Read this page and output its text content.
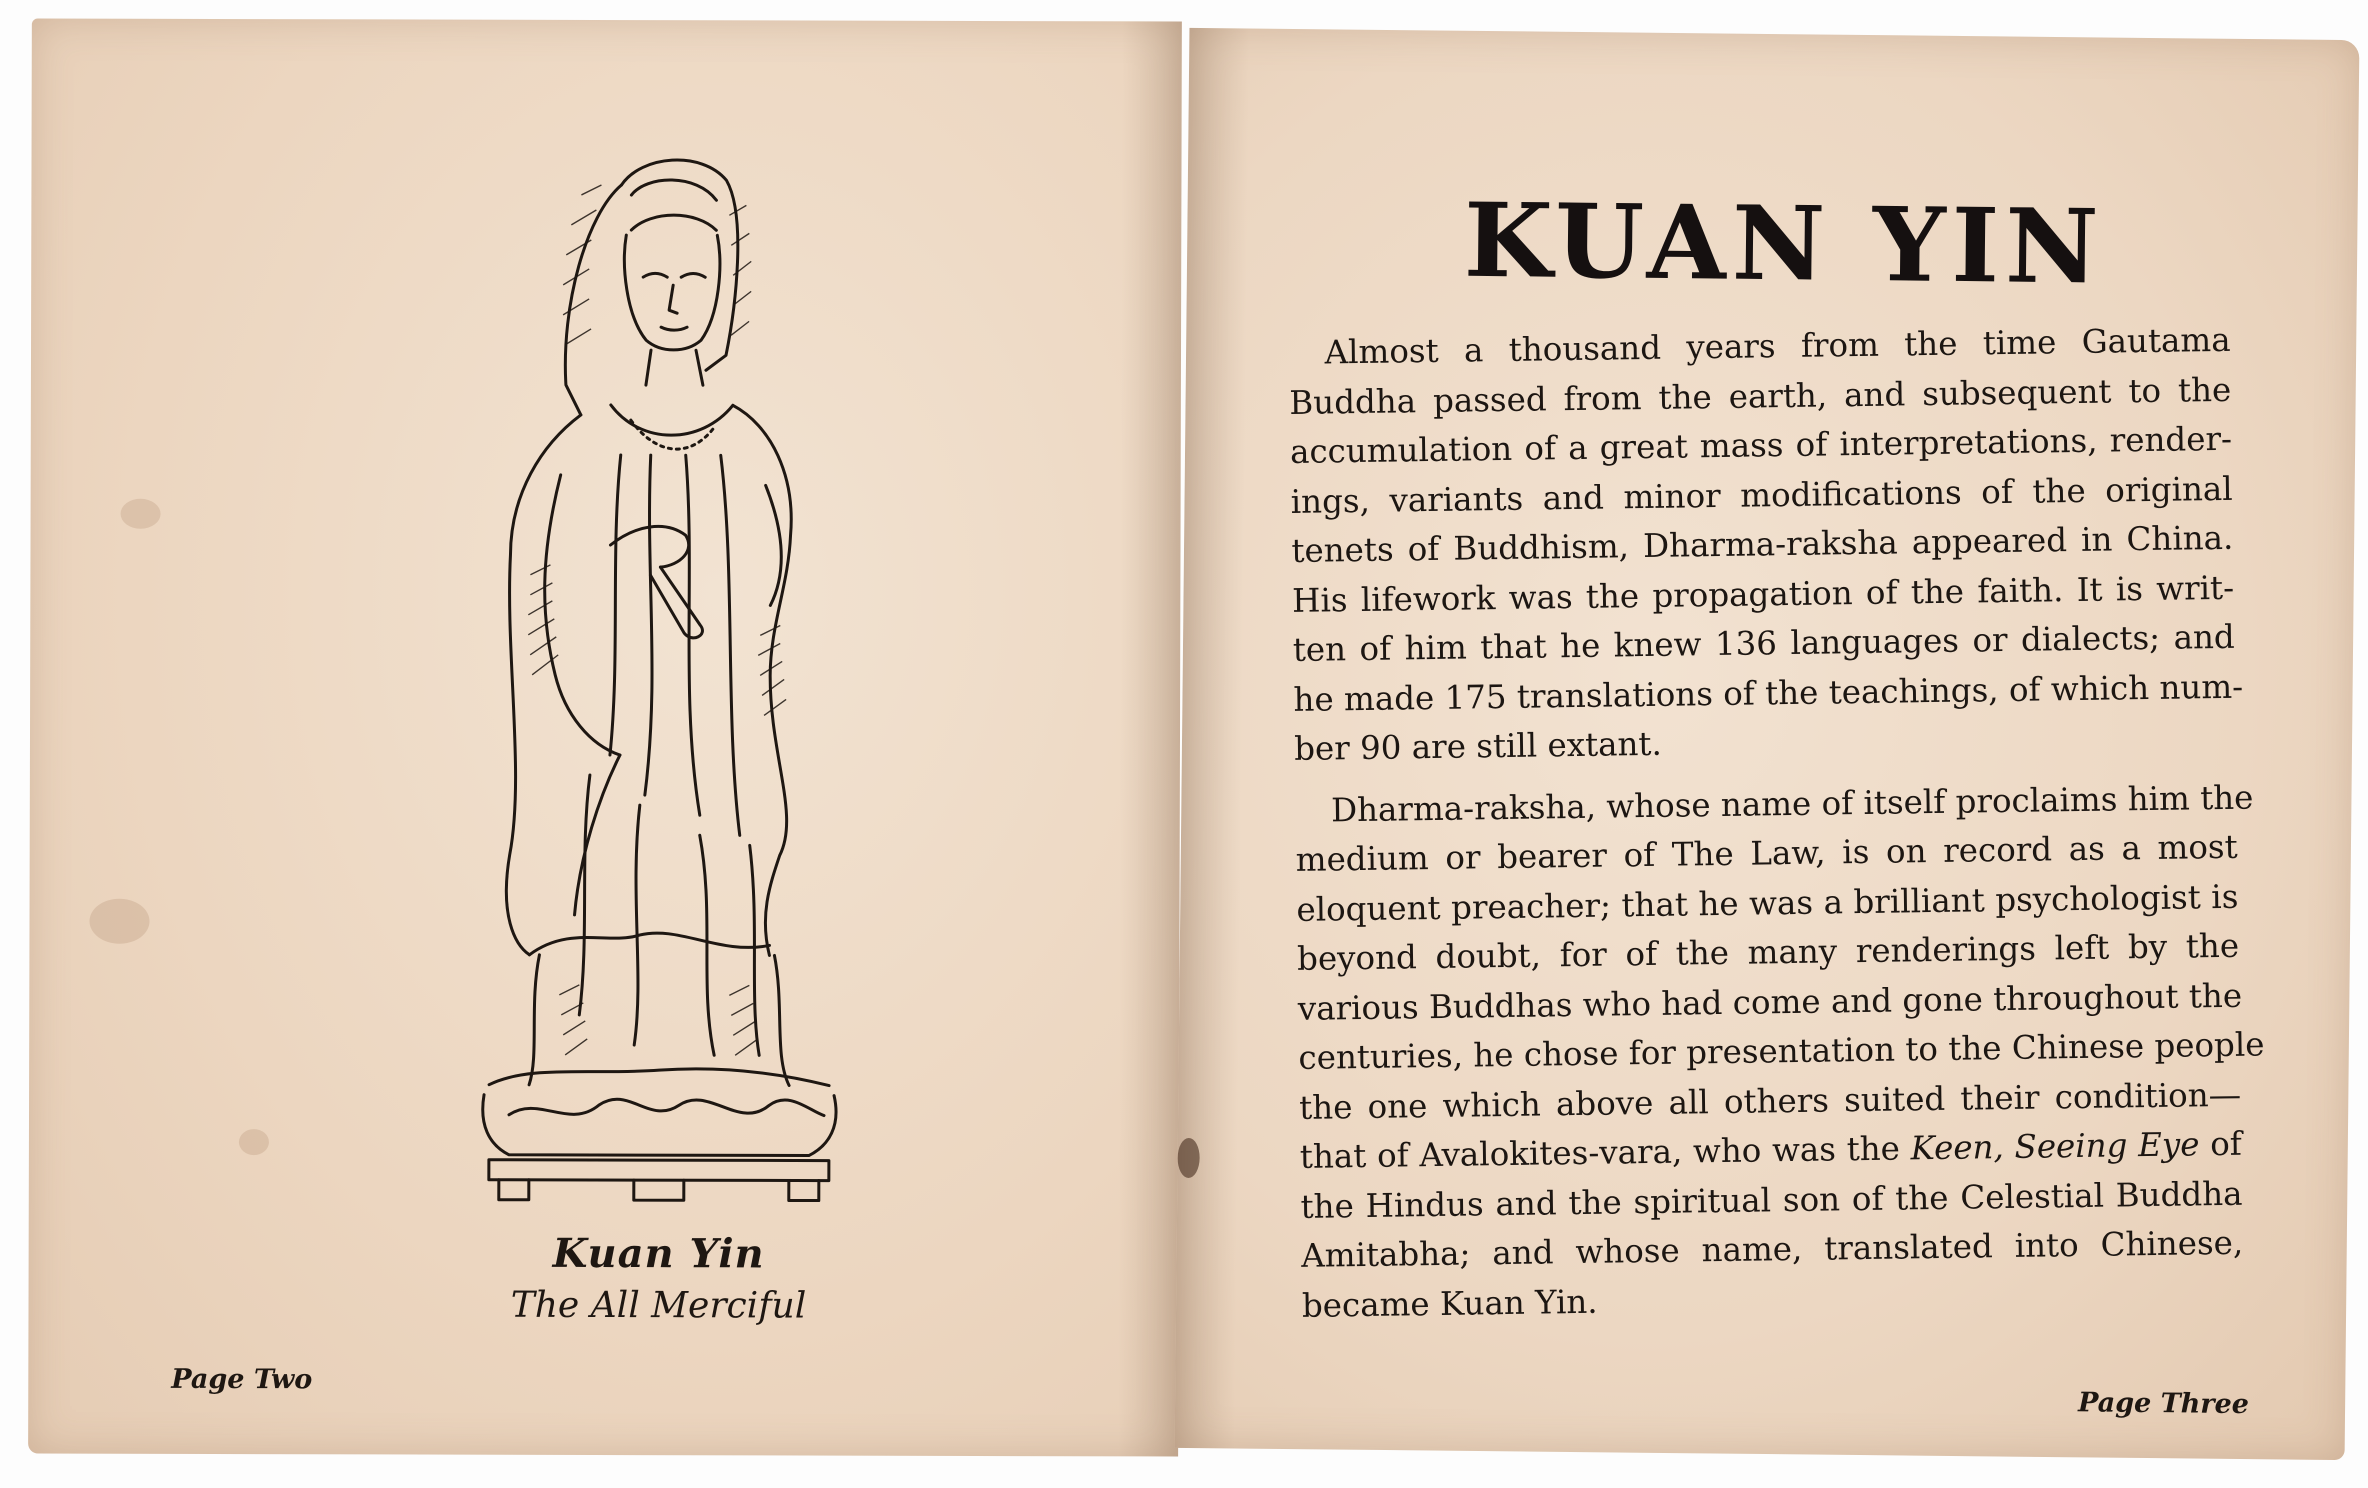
Kuan Yin
The All Merciful
Page Two
KUAN YIN
Almost a thousand years from the time Gautama
Buddha passed from the earth, and subsequent to the
accumulation of a great mass of interpretations, render-
ings, variants and minor modifications of the original
tenets of Buddhism, Dharma-raksha appeared in China.
His lifework was the propagation of the faith. It is writ-
ten of him that he knew 136 languages or dialects; and
he made 175 translations of the teachings, of which num-
ber 90 are still extant.
Dharma-raksha, whose name of itself proclaims him the
medium or bearer of The Law, is on record as a most
eloquent preacher; that he was a brilliant psychologist is
beyond doubt, for of the many renderings left by the
various Buddhas who had come and gone throughout the
centuries, he chose for presentation to the Chinese people
the one which above all others suited their condition—
that of Avalokites-vara, who was the Keen, Seeing Eye of
the Hindus and the spiritual son of the Celestial Buddha
Amitabha; and whose name, translated into Chinese,
became Kuan Yin.
Page Three
